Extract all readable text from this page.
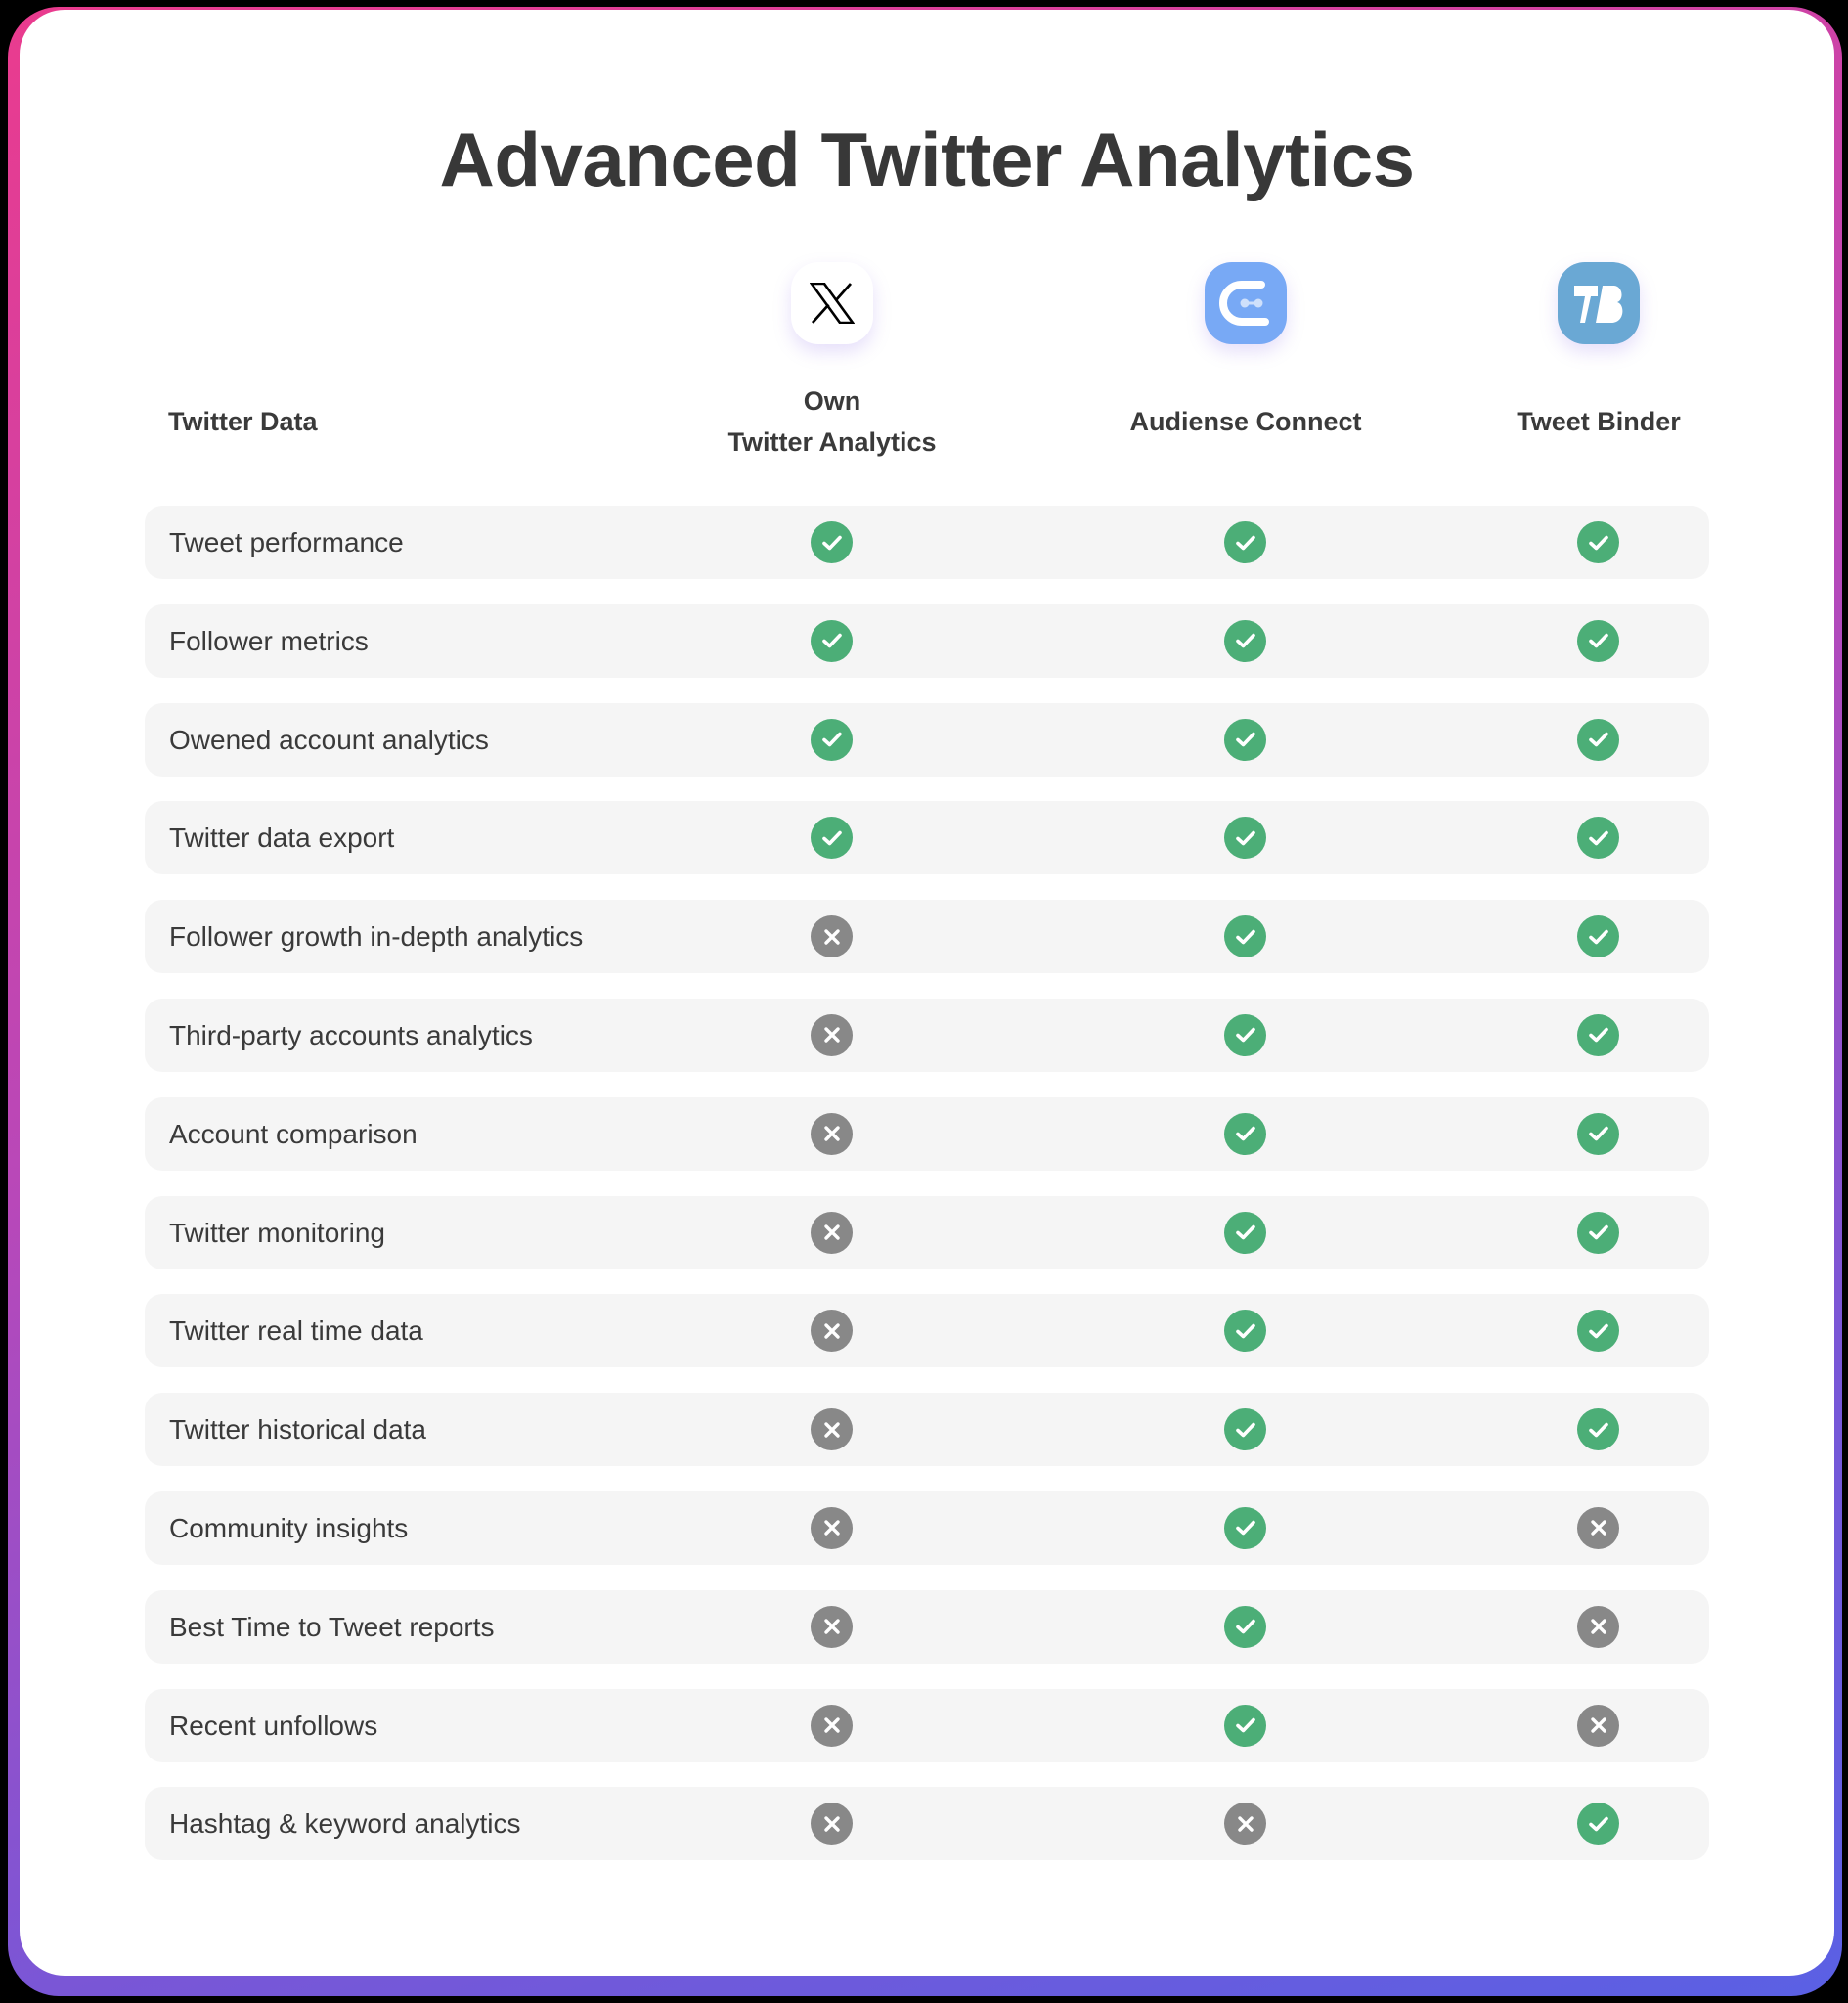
Advanced Twitter Analytics
Twitter Data
Own
Twitter Analytics
Audiense Connect	Tweet Binder
Tweet performance
Follower metrics
Owened account analytics
Twitter data export
Follower growth in-depth analytics
Third-party accounts analytics
Account comparison
Twitter monitoring
Twitter real time data
Twitter historical data
Community insights
Best Time to Tweet reports
Recent unfollows
Hashtag & keyword analytics
